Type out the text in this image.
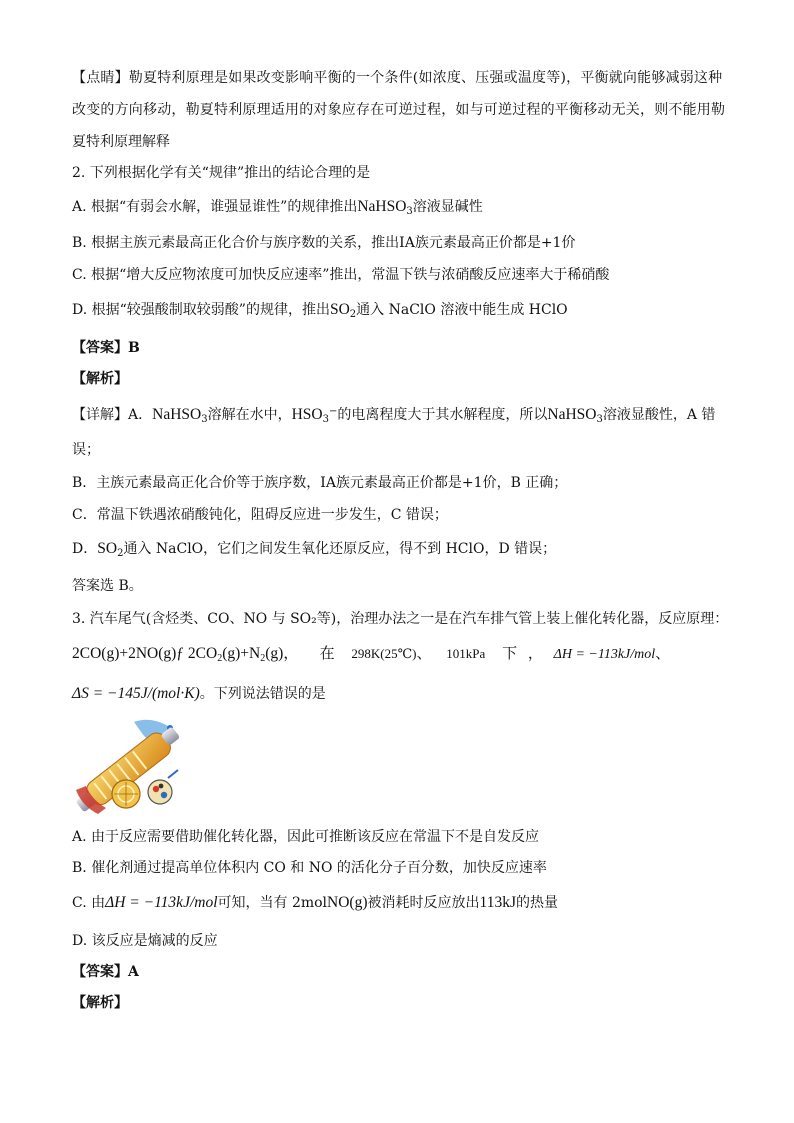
【点睛】勒夏特利原理是如果改变影响平衡的一个条件(如浓度、压强或温度等)，平衡就向能够减弱这种
改变的方向移动，勒夏特利原理适用的对象应存在可逆过程，如与可逆过程的平衡移动无关，则不能用勒
夏特利原理解释
2. 下列根据化学有关“规律”推出的结论合理的是
A. 根据“有弱会水解，谁强显谁性”的规律推出NaHSO$_3$溶液显碱性
B. 根据主族元素最高正化合价与族序数的关系，推出ⅠA族元素最高正价都是+1价
C. 根据“增大反应物浓度可加快反应速率”推出，常温下铁与浓硝酸反应速率大于稀硝酸
D. 根据“较强酸制取较弱酸”的规律，推出$SO_2$通入 NaClO 溶液中能生成 HClO
【答案】B
【解析】
【详解】A．NaHSO$_3$溶解在水中，$HSO_3^-$的电离程度大于其水解程度，所以NaHSO$_3$溶液显酸性，A 错
误；
B．主族元素最高正化合价等于族序数，ⅠA族元素最高正价都是+1价，B 正确；
C．常温下铁遇浓硝酸钝化，阻碍反应进一步发生，C 错误；
D．$SO_2$通入 NaClO，它们之间发生氧化还原反应，得不到 HClO，D 错误；
答案选 B。
3. 汽车尾气(含烃类、CO、NO 与 SO₂等)，治理办法之一是在汽车排气管上装上催化转化器，反应原理：
2CO(g)+2NO(g)ƒ $2CO_2(g)+N_2(g)$， 在 298K(25℃)、 101kPa 下 ， ΔH = −113kJ/mol、
ΔS = −145J/(mol·K)。下列说法错误的是
A. 由于反应需要借助催化转化器，因此可推断该反应在常温下不是自发反应
B. 催化剂通过提高单位体积内 CO 和 NO 的活化分子百分数，加快反应速率
C. 由ΔH = −113kJ/mol可知，当有 2molNO(g)被消耗时反应放出113kJ的热量
D. 该反应是熵减的反应
【答案】A
【解析】
